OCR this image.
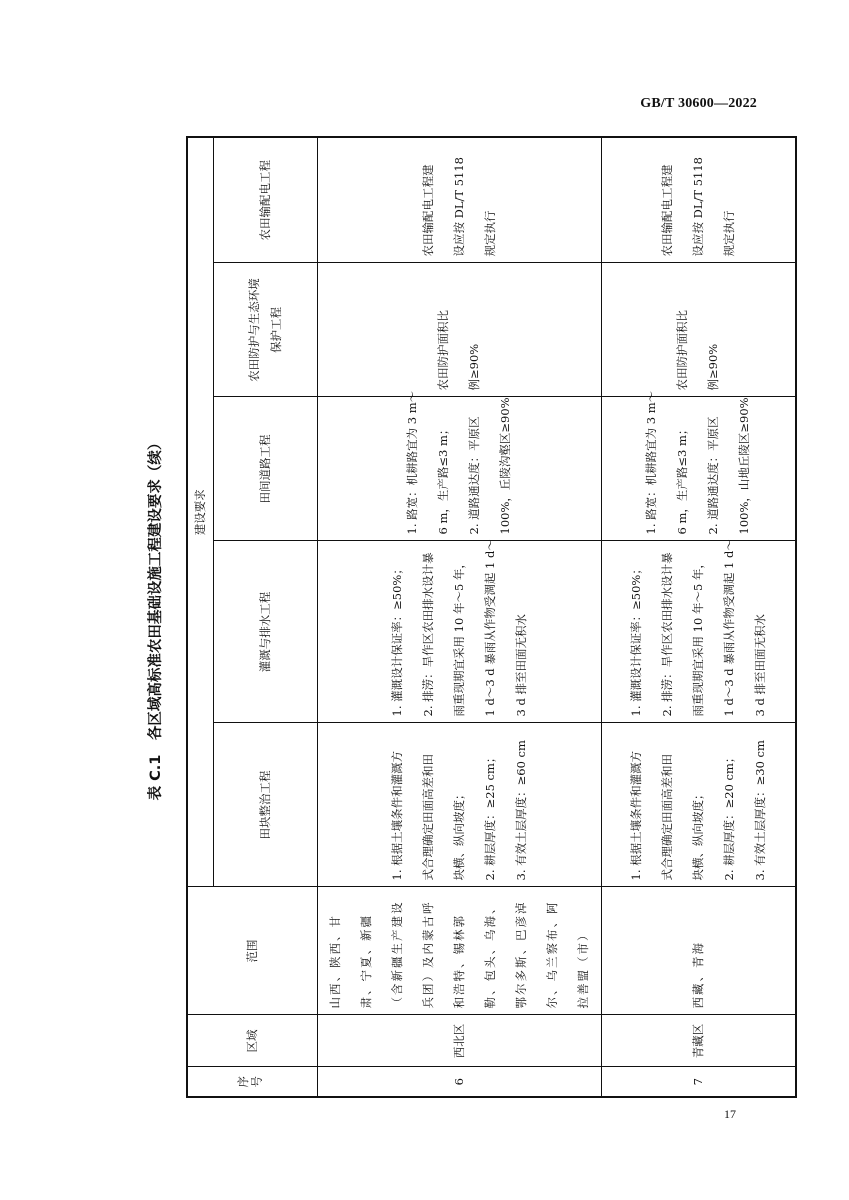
GB/T 30600—2022
表 C.1　各区域高标准农田基础设施工程建设要求（续）
序号	区域	范围	建设要求				
			田块整治工程	灌溉与排水工程	田间道路工程	农田防护与生态环境保护工程	农田输配电工程
6	西北区	山西、陕西、甘肃、宁夏、新疆（含新疆生产建设兵团）及内蒙古呼和浩特、锡林郭勒、包头、乌海、鄂尔多斯、巴彦淖尔、乌兰察布、阿拉善盟（市）	1. 根据土壤条件和灌溉方 式合理确定田面高差和田 块横、纵向坡度； 2. 耕层厚度：≥25 cm； 3. 有效土层厚度：≥60 cm	1. 灌溉设计保证率：≥50%； 2. 排涝：旱作区农田排水设计暴 雨重现期宜采用 10 年～5 年， 1 d～3 d 暴雨从作物受淍起 1 d～ 3 d 排至田面无积水	1. 路宽：机耕路宜为 3 m～ 6 m，生产路≤3 m； 2. 道路通达度：平原区 100%，丘陵沟壑区≥90%	农田防护面积比 例≥90%	农田输配电工程建 设应按 DL/T 5118 规定执行

7	青藏区	西藏、青海	1. 根据土壤条件和灌溉方 式合理确定田面高差和田 块横、纵向坡度； 2. 耕层厚度：≥20 cm； 3. 有效土层厚度：≥30 cm	1. 灌溉设计保证率：≥50%； 2. 排涝：旱作区农田排水设计暴 雨重现期宜采用 10 年～5 年， 1 d～3 d 暴雨从作物受淍起 1 d～ 3 d 排至田面无积水	1. 路宽：机耕路宜为 3 m～ 6 m，生产路≤3 m； 2. 道路通达度：平原区 100%，山地丘陵区≥90%	农田防护面积比 例≥90%	农田输配电工程建 设应按 DL/T 5118 规定执行
17
